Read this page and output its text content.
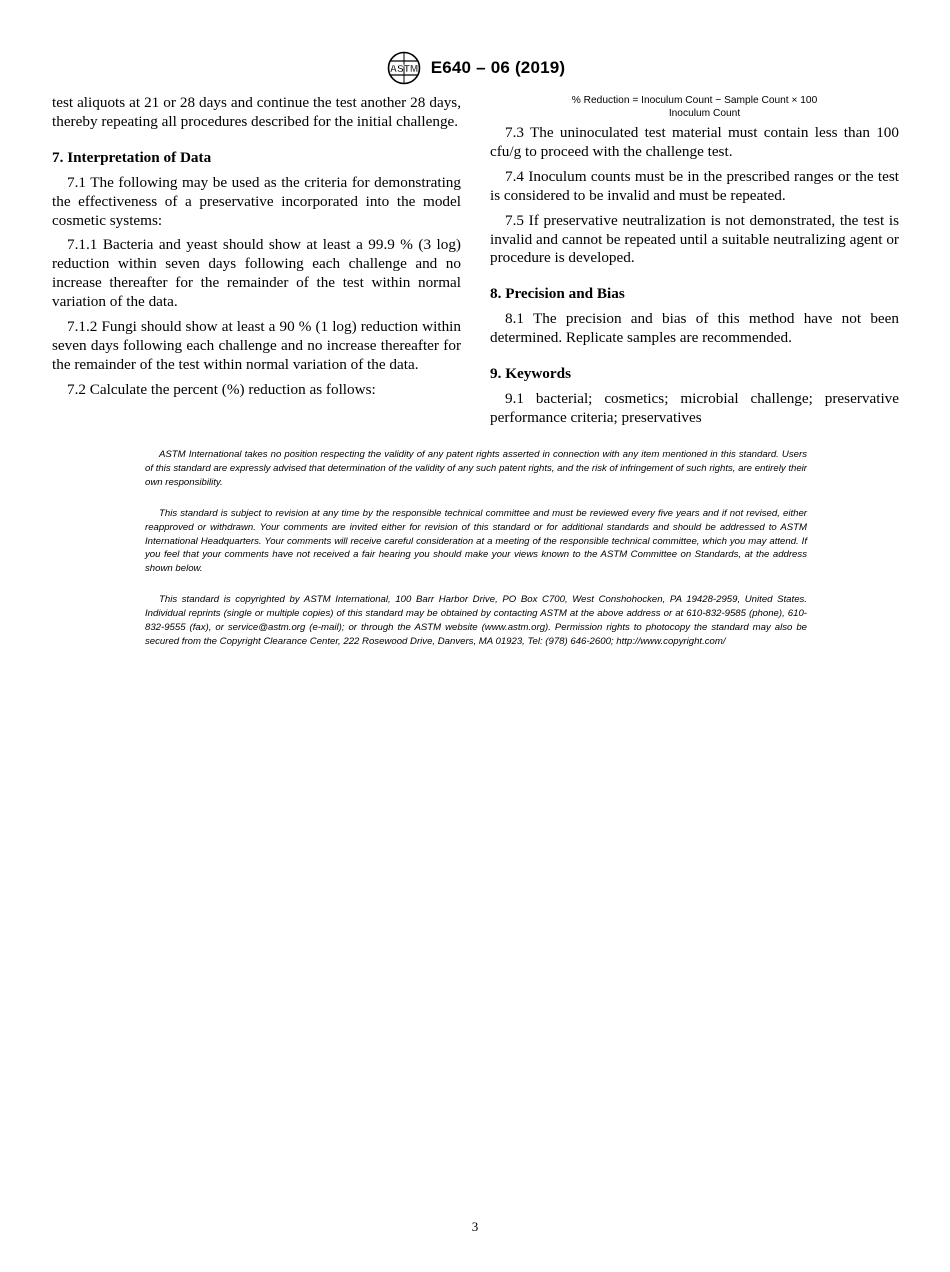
ASTM E640 – 06 (2019)

test aliquots at 21 or 28 days and continue the test another 28 days, thereby repeating all procedures described for the initial challenge.

7. Interpretation of Data

7.1 The following may be used as the criteria for demonstrating the effectiveness of a preservative incorporated into the model cosmetic systems:

7.1.1 Bacteria and yeast should show at least a 99.9 % (3 log) reduction within seven days following each challenge and no increase thereafter for the remainder of the test within normal variation of the data.

7.1.2 Fungi should show at least a 90 % (1 log) reduction within seven days following each challenge and no increase thereafter for the remainder of the test within normal variation of the data.

7.2 Calculate the percent (%) reduction as follows:

% Reduction = Inoculum Count − Sample Count × 100
Inoculum Count

7.3 The uninoculated test material must contain less than 100 cfu/g to proceed with the challenge test.

7.4 Inoculum counts must be in the prescribed ranges or the test is considered to be invalid and must be repeated.

7.5 If preservative neutralization is not demonstrated, the test is invalid and cannot be repeated until a suitable neutralizing agent or procedure is developed.

8. Precision and Bias

8.1 The precision and bias of this method have not been determined. Replicate samples are recommended.

9. Keywords

9.1 bacterial; cosmetics; microbial challenge; preservative performance criteria; preservatives

ASTM International takes no position respecting the validity of any patent rights asserted in connection with any item mentioned in this standard. Users of this standard are expressly advised that determination of the validity of any such patent rights, and the risk of infringement of such rights, are entirely their own responsibility.

This standard is subject to revision at any time by the responsible technical committee and must be reviewed every five years and if not revised, either reapproved or withdrawn. Your comments are invited either for revision of this standard or for additional standards and should be addressed to ASTM International Headquarters. Your comments will receive careful consideration at a meeting of the responsible technical committee, which you may attend. If you feel that your comments have not received a fair hearing you should make your views known to the ASTM Committee on Standards, at the address shown below.

This standard is copyrighted by ASTM International, 100 Barr Harbor Drive, PO Box C700, West Conshohocken, PA 19428-2959, United States. Individual reprints (single or multiple copies) of this standard may be obtained by contacting ASTM at the above address or at 610-832-9585 (phone), 610-832-9555 (fax), or service@astm.org (e-mail); or through the ASTM website (www.astm.org). Permission rights to photocopy the standard may also be secured from the Copyright Clearance Center, 222 Rosewood Drive, Danvers, MA 01923, Tel: (978) 646-2600; http://www.copyright.com/

3
